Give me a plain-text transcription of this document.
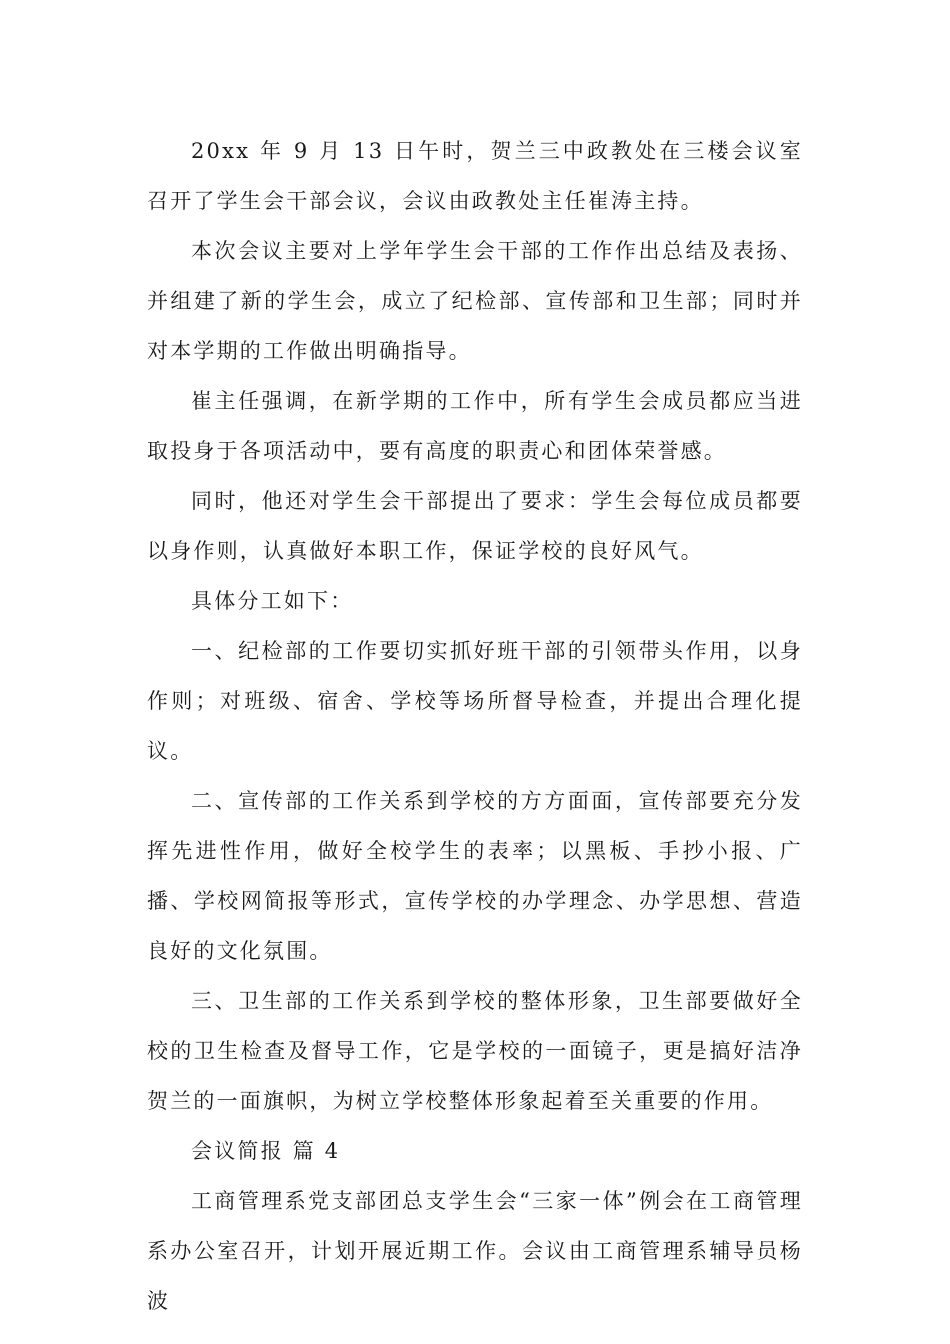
20xx 年 9 月 13 日午时，贺兰三中政教处在三楼会议室召开了学生会干部会议，会议由政教处主任崔涛主持。

本次会议主要对上学年学生会干部的工作作出总结及表扬、并组建了新的学生会，成立了纪检部、宣传部和卫生部；同时并对本学期的工作做出明确指导。

崔主任强调，在新学期的工作中，所有学生会成员都应当进取投身于各项活动中，要有高度的职责心和团体荣誉感。

同时，他还对学生会干部提出了要求：学生会每位成员都要以身作则，认真做好本职工作，保证学校的良好风气。

具体分工如下：

一、纪检部的工作要切实抓好班干部的引领带头作用，以身作则；对班级、宿舍、学校等场所督导检查，并提出合理化提议。

二、宣传部的工作关系到学校的方方面面，宣传部要充分发挥先进性作用，做好全校学生的表率；以黑板、手抄小报、广播、学校网简报等形式，宣传学校的办学理念、办学思想、营造良好的文化氛围。

三、卫生部的工作关系到学校的整体形象，卫生部要做好全校的卫生检查及督导工作，它是学校的一面镜子，更是搞好洁净贺兰的一面旗帜，为树立学校整体形象起着至关重要的作用。

会议简报 篇 4

工商管理系党支部团总支学生会“三家一体”例会在工商管理系办公室召开，计划开展近期工作。会议由工商管理系辅导员杨波
